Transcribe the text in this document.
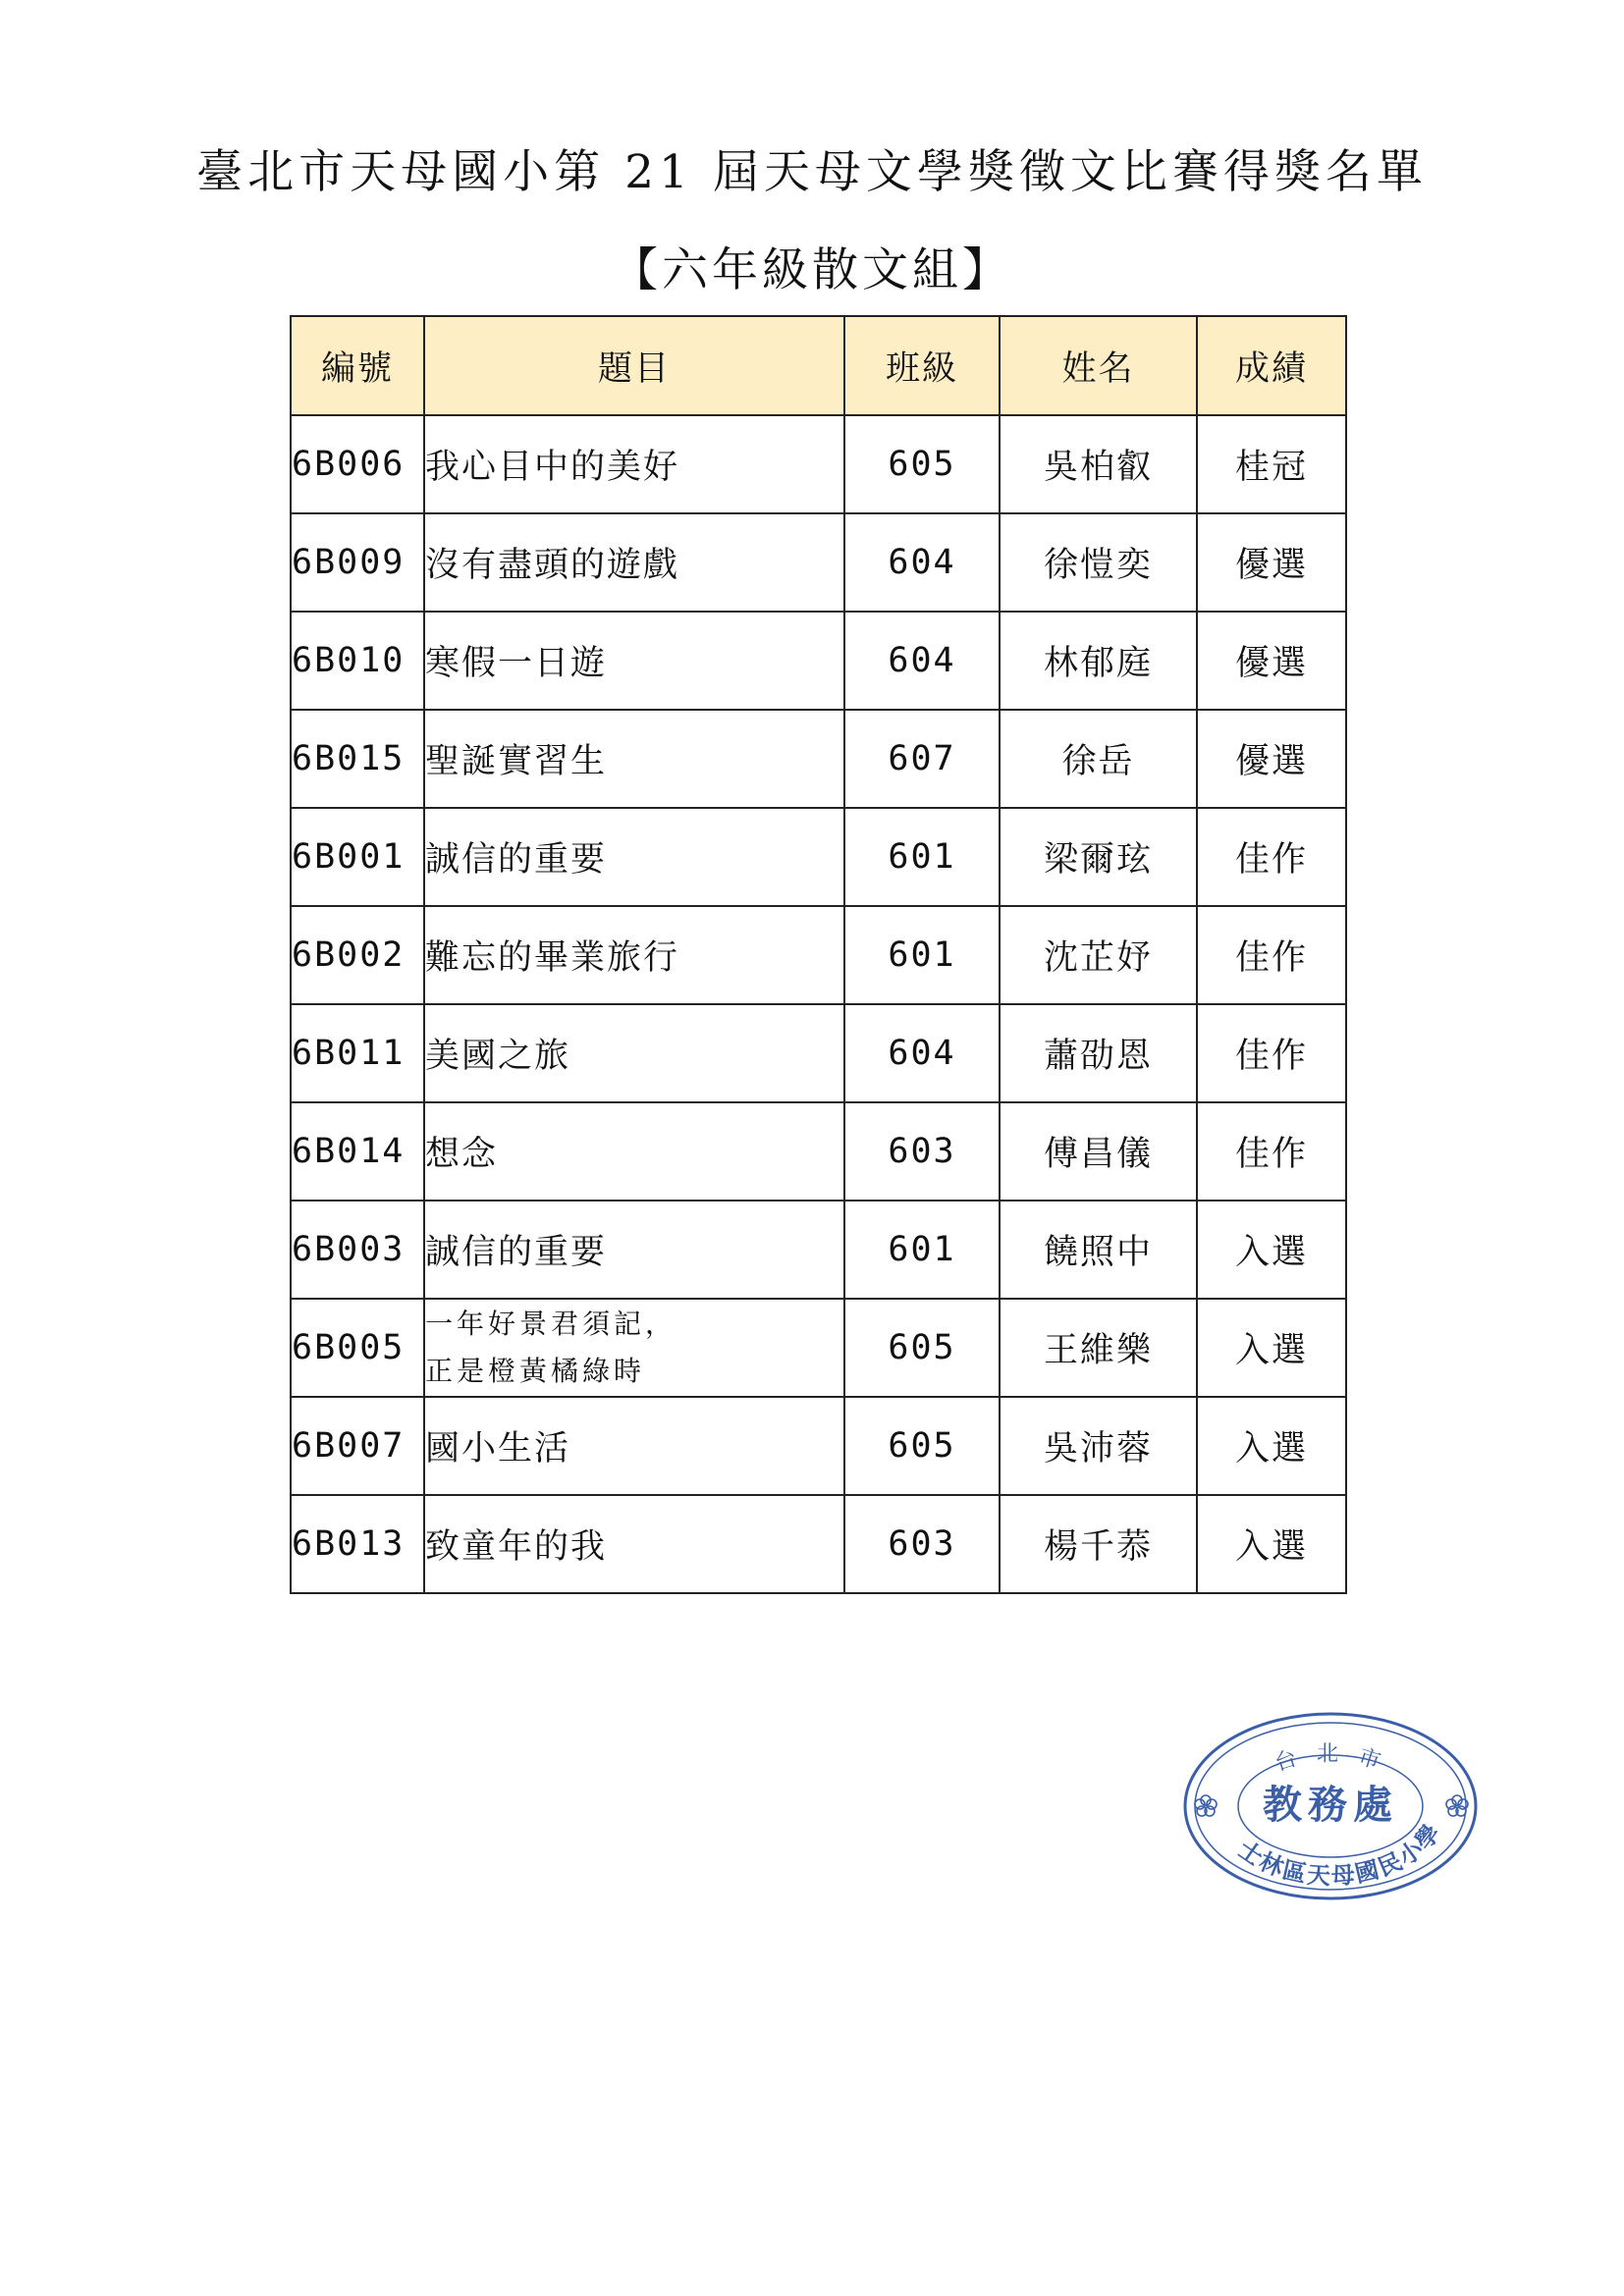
臺北市天母國小第 21 屆天母文學獎徵文比賽得獎名單
【六年級散文組】
編號	題目	班級	姓名	成績
6B006	我心目中的美好	605	吳柏叡	桂冠
6B009	沒有盡頭的遊戲	604	徐愷奕	優選
6B010	寒假一日遊	604	林郁庭	優選
6B015	聖誕實習生	607	徐岳	優選
6B001	誠信的重要	601	梁爾玹	佳作
6B002	難忘的畢業旅行	601	沈芷妤	佳作
6B011	美國之旅	604	蕭劭恩	佳作
6B014	想念	603	傅昌儀	佳作
6B003	誠信的重要	601	饒照中	入選
6B005	一年好景君須記，
正是橙黃橘綠時	605	王維樂	入選
6B007	國小生活	605	吳沛蓉	入選
6B013	致童年的我	603	楊千菾	入選
台 北 市
教務處
士林區天母國民小學
